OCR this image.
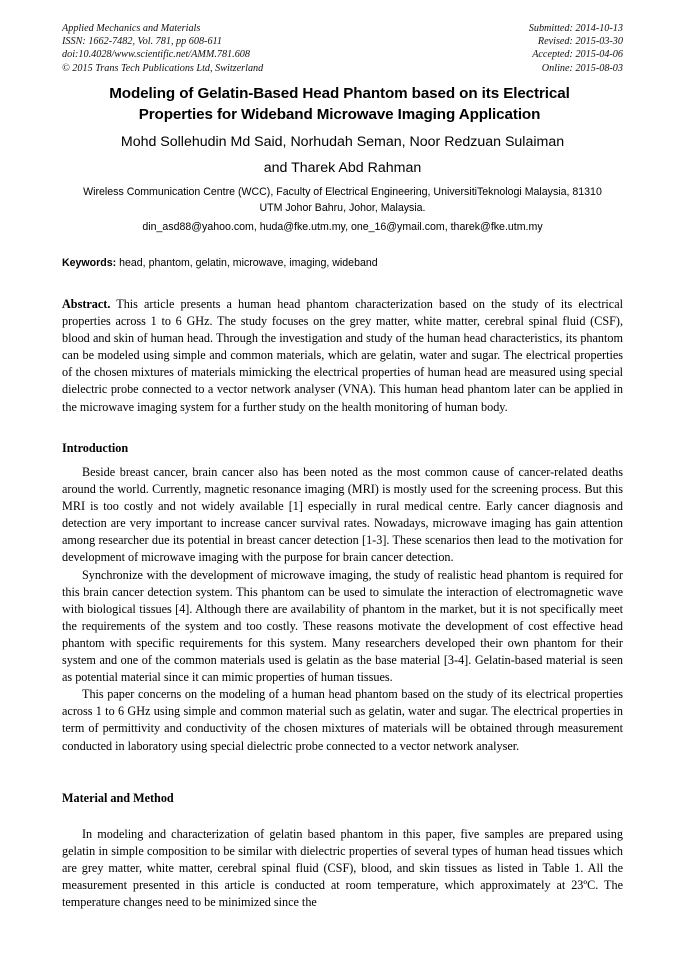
Applied Mechanics and Materials
ISSN: 1662-7482, Vol. 781, pp 608-611
doi:10.4028/www.scientific.net/AMM.781.608
© 2015 Trans Tech Publications Ltd, Switzerland
Submitted: 2014-10-13
Revised: 2015-03-30
Accepted: 2015-04-06
Online: 2015-08-03
Modeling of Gelatin-Based Head Phantom based on its Electrical Properties for Wideband Microwave Imaging Application
Mohd Sollehudin Md Said, Norhudah Seman, Noor Redzuan Sulaiman
and Tharek Abd Rahman
Wireless Communication Centre (WCC), Faculty of Electrical Engineering, UniversitiTeknologi Malaysia, 81310 UTM Johor Bahru, Johor, Malaysia.
din_asd88@yahoo.com, huda@fke.utm.my, one_16@ymail.com, tharek@fke.utm.my
Keywords: head, phantom, gelatin, microwave, imaging, wideband

Abstract. This article presents a human head phantom characterization based on the study of its electrical properties across 1 to 6 GHz. The study focuses on the grey matter, white matter, cerebral spinal fluid (CSF), blood and skin of human head. Through the investigation and study of the human head characteristics, its phantom can be modeled using simple and common materials, which are gelatin, water and sugar. The electrical properties of the chosen mixtures of materials mimicking the electrical properties of human head are measured using special dielectric probe connected to a vector network analyser (VNA). This human head phantom later can be applied in the microwave imaging system for a further study on the health monitoring of human body.

Introduction

Beside breast cancer, brain cancer also has been noted as the most common cause of cancer-related deaths around the world. Currently, magnetic resonance imaging (MRI) is mostly used for the screening process. But this MRI is too costly and not widely available [1] especially in rural medical centre. Early cancer diagnosis and detection are very important to increase cancer survival rates. Nowadays, microwave imaging has gain attention among researcher due its potential in breast cancer detection [1-3]. These scenarios then lead to the motivation for development of microwave imaging with the purpose for brain cancer detection.

Synchronize with the development of microwave imaging, the study of realistic head phantom is required for this brain cancer detection system. This phantom can be used to simulate the interaction of electromagnetic wave with biological tissues [4]. Although there are availability of phantom in the market, but it is not specifically meet the requirements of the system and too costly. These reasons motivate the development of cost effective head phantom with specific requirements for this system. Many researchers developed their own phantom for their system and one of the common materials used is gelatin as the base material [3-4]. Gelatin-based material is seen as potential material since it can mimic properties of human tissues.

This paper concerns on the modeling of a human head phantom based on the study of its electrical properties across 1 to 6 GHz using simple and common material such as gelatin, water and sugar. The electrical properties in term of permittivity and conductivity of the chosen mixtures of materials will be obtained through measurement conducted in laboratory using special dielectric probe connected to a vector network analyser.

Material and Method

In modeling and characterization of gelatin based phantom in this paper, five samples are prepared using gelatin in simple composition to be similar with dielectric properties of several types of human head tissues which are grey matter, white matter, cerebral spinal fluid (CSF), blood, and skin tissues as listed in Table 1. All the measurement presented in this article is conducted at room temperature, which approximately at 23ºC. The temperature changes need to be minimized since the
